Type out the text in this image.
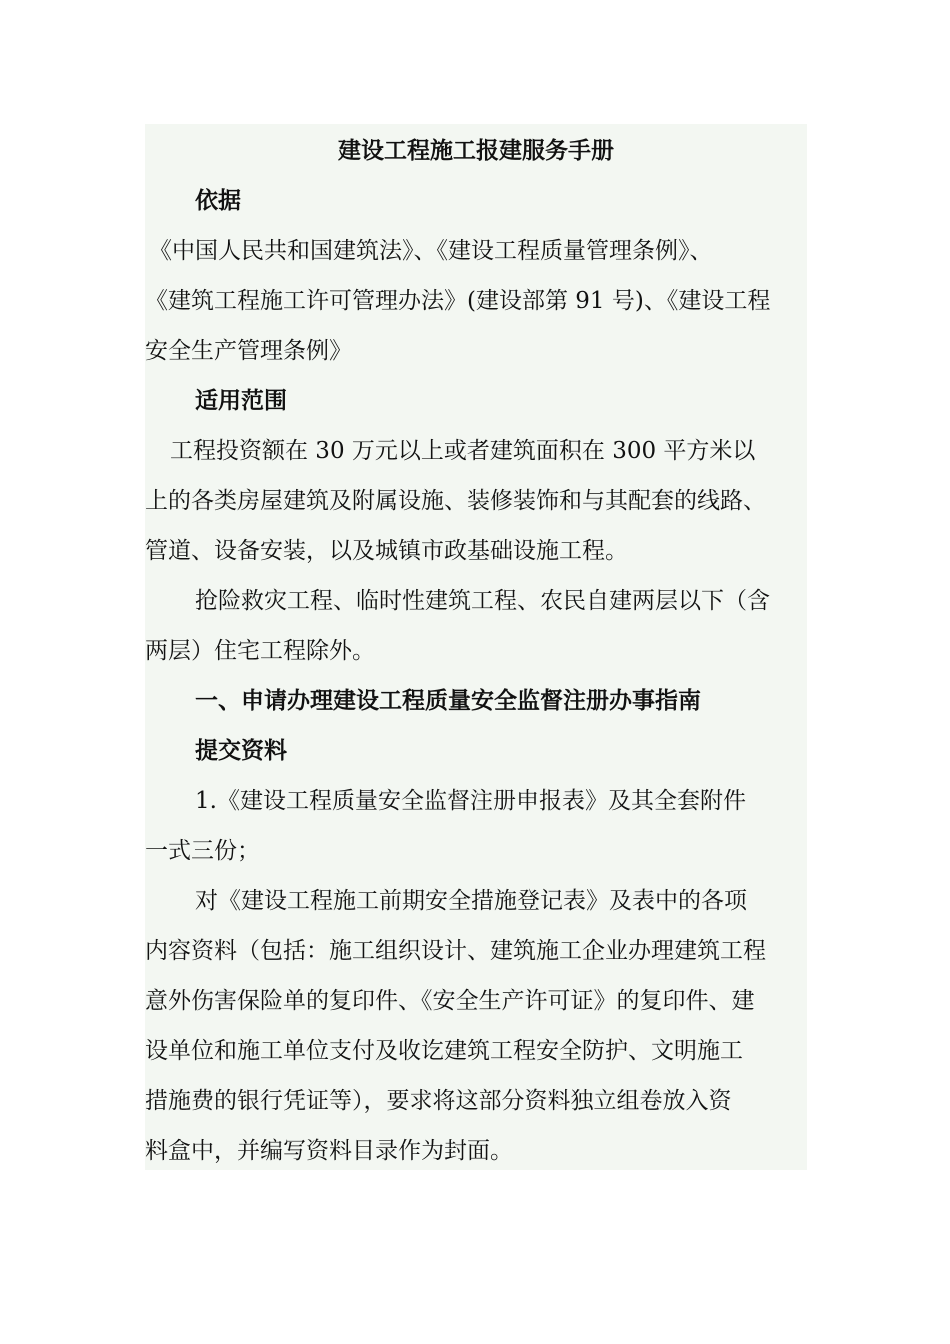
建设工程施工报建服务手册
依据
《中国人民共和国建筑法》、《建设工程质量管理条例》、
《建筑工程施工许可管理办法》(建设部第 91 号)、《建设工程
安全生产管理条例》
适用范围
工程投资额在 30 万元以上或者建筑面积在 300 平方米以
上的各类房屋建筑及附属设施、装修装饰和与其配套的线路、
管道、设备安装，以及城镇市政基础设施工程。
抢险救灾工程、临时性建筑工程、农民自建两层以下（含
两层）住宅工程除外。
一、申请办理建设工程质量安全监督注册办事指南
提交资料
1.《建设工程质量安全监督注册申报表》及其全套附件
一式三份；
对《建设工程施工前期安全措施登记表》及表中的各项
内容资料（包括：施工组织设计、建筑施工企业办理建筑工程
意外伤害保险单的复印件、《安全生产许可证》的复印件、建
设单位和施工单位支付及收讫建筑工程安全防护、文明施工
措施费的银行凭证等），要求将这部分资料独立组卷放入资
料盒中，并编写资料目录作为封面。
